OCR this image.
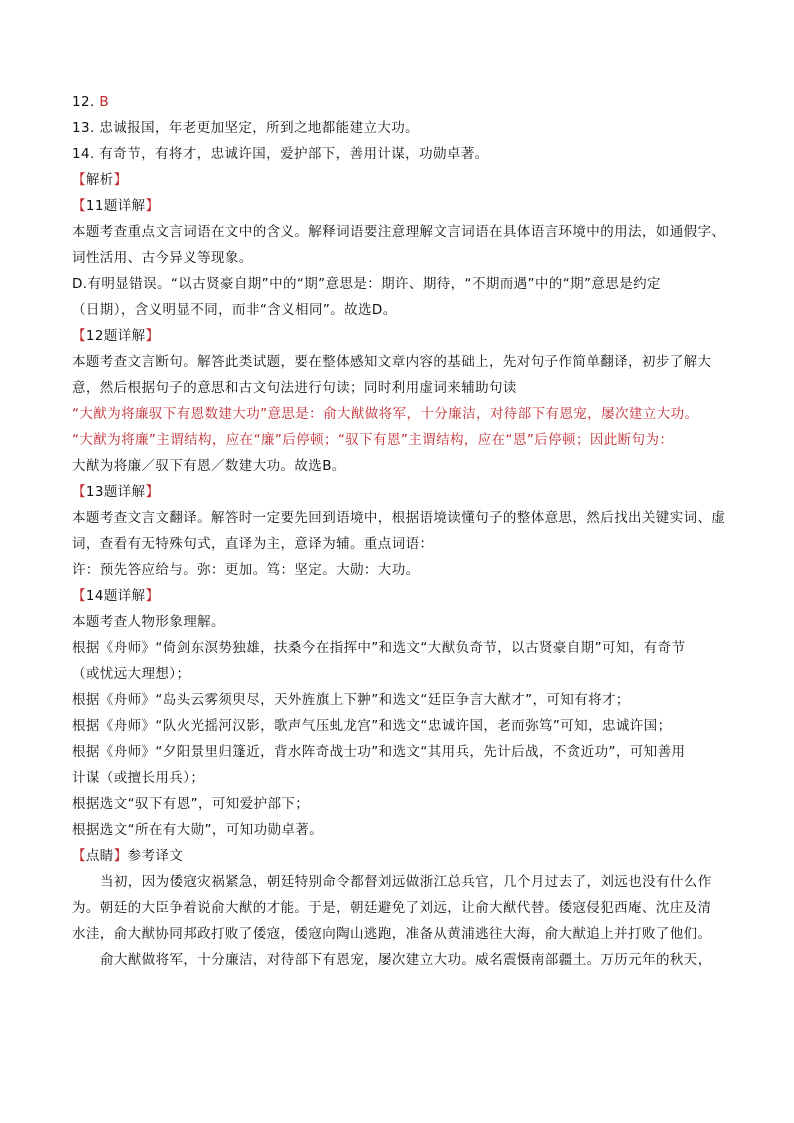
12. B
13. 忠诚报国，年老更加坚定，所到之地都能建立大功。
14. 有奇节，有将才，忠诚许国，爱护部下，善用计谋，功勋卓著。
【解析】
【11题详解】
本题考查重点文言词语在文中的含义。解释词语要注意理解文言词语在具体语言环境中的用法，如通假字、
词性活用、古今异义等现象。
D.有明显错误。“以古贤豪自期”中的“期”意思是：期许、期待，“不期而遇”中的“期”意思是约定
（日期），含义明显不同，而非“含义相同”。故选D。
【12题详解】
本题考查文言断句。解答此类试题，要在整体感知文章内容的基础上，先对句子作简单翻译，初步了解大
意，然后根据句子的意思和古文句法进行句读；同时利用虚词来辅助句读
“大猷为将廉驭下有恩数建大功”意思是：俞大猷做将军，十分廉洁，对待部下有恩宠，屡次建立大功。
“大猷为将廉”主谓结构，应在“廉”后停顿；“驭下有恩”主谓结构，应在“恩”后停顿；因此断句为：
大猷为将廉／驭下有恩／数建大功。故选B。
【13题详解】
本题考查文言文翻译。解答时一定要先回到语境中，根据语境读懂句子的整体意思，然后找出关键实词、虚
词，查看有无特殊句式，直译为主，意译为辅。重点词语：
许：预先答应给与。弥：更加。笃：坚定。大勋：大功。
【14题详解】
本题考查人物形象理解。
根据《舟师》“倚剑东溟势独雄，扶桑今在指挥中”和选文“大猷负奇节，以古贤豪自期”可知，有奇节
（或忧远大理想）；
根据《舟师》“岛头云雾须臾尽，天外旌旗上下翀”和选文“廷臣争言大猷才”，可知有将才；
根据《舟师》“队火光摇河汉影，歌声气压虬龙宫”和选文“忠诚许国，老而弥笃”可知，忠诚许国；
根据《舟师》“夕阳景里归篷近，背水阵奇战士功”和选文“其用兵，先计后战，不贪近功”，可知善用
计谋（或擅长用兵）；
根据选文“驭下有恩”，可知爱护部下；
根据选文“所在有大勋”，可知功勋卓著。
【点睛】参考译文
当初，因为倭寇灾祸紧急，朝廷特别命令都督刘远做浙江总兵官，几个月过去了，刘远也没有什么作
为。朝廷的大臣争着说俞大猷的才能。于是，朝廷避免了刘远，让俞大猷代替。倭寇侵犯西庵、沈庄及清
水洼，俞大猷协同邦政打败了倭寇，倭寇向陶山逃跑，准备从黄浦逃往大海，俞大猷追上并打败了他们。
俞大猷做将军，十分廉洁，对待部下有恩宠，屡次建立大功。威名震慑南部疆土。万历元年的秋天，
